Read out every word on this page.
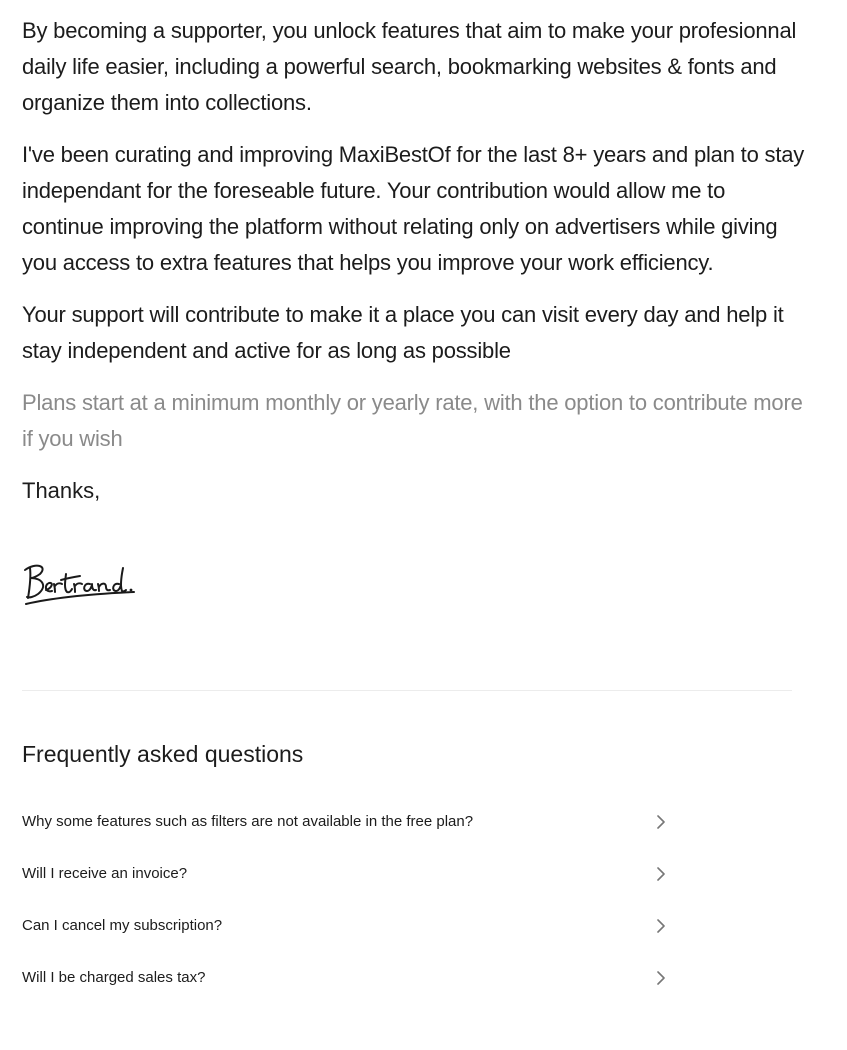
By becoming a supporter, you unlock features that aim to make your profesionnal daily life easier, including a powerful search, bookmarking websites & fonts and organize them into collections.

I've been curating and improving MaxiBestOf for the last 8+ years and plan to stay independant for the foreseable future. Your contribution would allow me to continue improving the platform without relating only on advertisers while giving you access to extra features that helps you improve your work efficiency.

Your support will contribute to make it a place you can visit every day and help it stay independent and active for as long as possible

Plans start at a minimum monthly or yearly rate, with the option to contribute more if you wish

Thanks,

Frequently asked questions
Why some features such as filters are not available in the free plan?
Will I receive an invoice?
Can I cancel my subscription?
Will I be charged sales tax?
